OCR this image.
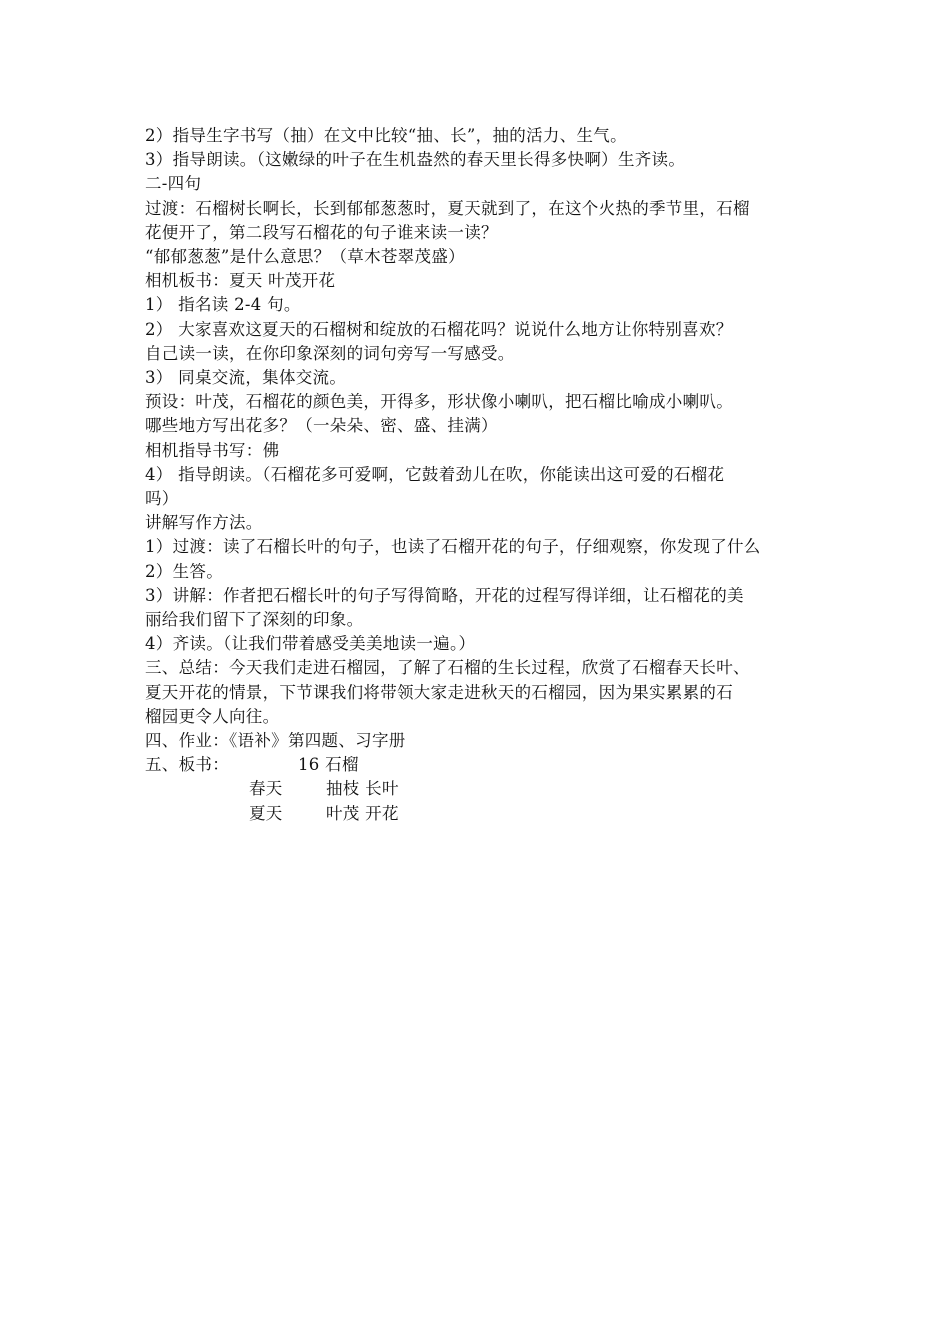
2）指导生字书写（抽）在文中比较“抽、长”，抽的活力、生气。

3）指导朗读。（这嫩绿的叶子在生机盎然的春天里长得多快啊）生齐读。

二-四句

过渡：石榴树长啊长，长到郁郁葱葱时，夏天就到了，在这个火热的季节里，石榴

花便开了，第二段写石榴花的句子谁来读一读？

“郁郁葱葱”是什么意思？（草木苍翠茂盛）

相机板书：夏天 叶茂开花

1） 指名读 2-4 句。

2） 大家喜欢这夏天的石榴树和绽放的石榴花吗？说说什么地方让你特别喜欢？

自己读一读，在你印象深刻的词句旁写一写感受。

3） 同桌交流，集体交流。

预设：叶茂，石榴花的颜色美，开得多，形状像小喇叭，把石榴比喻成小喇叭。

哪些地方写出花多？（一朵朵、密、盛、挂满）

相机指导书写：佛

4） 指导朗读。（石榴花多可爱啊，它鼓着劲儿在吹，你能读出这可爱的石榴花

吗）

讲解写作方法。

1）过渡：读了石榴长叶的句子，也读了石榴开花的句子，仔细观察，你发现了什么

2）生答。

3）讲解：作者把石榴长叶的句子写得简略，开花的过程写得详细，让石榴花的美

丽给我们留下了深刻的印象。

4）齐读。（让我们带着感受美美地读一遍。）

三、总结：今天我们走进石榴园，了解了石榴的生长过程，欣赏了石榴春天长叶、

夏天开花的情景，下节课我们将带领大家走进秋天的石榴园，因为果实累累的石

榴园更令人向往。

四、作业：《语补》第四题、习字册

五、板书：	16 石榴
春天	抽枝 长叶
夏天	叶茂 开花
